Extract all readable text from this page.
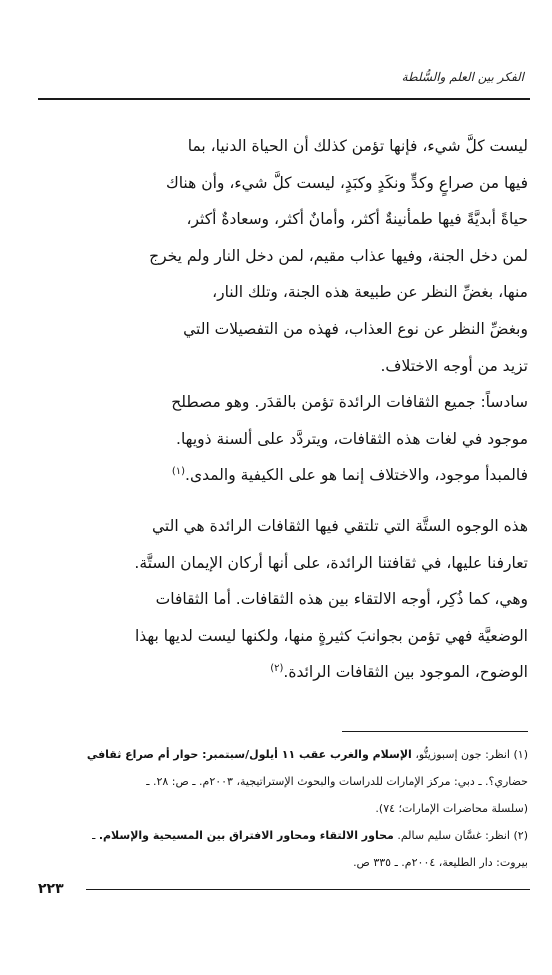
الفكر بين العلم والسُّلطة

ليست كلَّ شيء، فإنها تؤمن كذلك أن الحياة الدنيا، بما

فيها من صراعٍ وكدٍّ ونكَدٍ وكبَدٍ، ليست كلَّ شيء، وأن هناك

حياةً أبديَّةً فيها طمأنينةٌ أكثر، وأمانٌ أكثر، وسعادةٌ أكثر،

لمن دخل الجنة، وفيها عذاب مقيم، لمن دخل النار ولم يخرج

منها، بغضِّ النظر عن طبيعة هذه الجنة، وتلك النار،

وبغضِّ النظر عن نوع العذاب، فهذه من التفصيلات التي

تزيد من أوجه الاختلاف.

سادساً: جميع الثقافات الرائدة تؤمن بالقدَر. وهو مصطلح

موجود في لغات هذه الثقافات، ويتردَّد على ألسنة ذويها.

فالمبدأ موجود، والاختلاف إنما هو على الكيفية والمدى.$^{(١)}$

هذه الوجوه الستَّة التي تلتقي فيها الثقافات الرائدة هي التي

تعارفنا عليها، في ثقافتنا الرائدة، على أنها أركان الإيمان الستَّة.

وهي، كما ذُكِر، أوجه الالتقاء بين هذه الثقافات. أما الثقافات

الوضعيَّة فهي تؤمن بجوانبَ كثيرةٍ منها، ولكنها ليست لديها بهذا

الوضوح، الموجود بين الثقافات الرائدة.$^{(٢)}$

(١) انظر: جون إسبوزيتُّو، الإسلام والغرب عقب ١١ أيلول/سبتمبر: حوار أم صراع ثقافي

حضاري؟. ـ دبي: مركز الإمارات للدراسات والبحوث الإستراتيجية، ٢٠٠٣م. ـ ص: ٢٨. ـ

(سلسلة محاضرات الإمارات؛ ٧٤).

(٢) انظر: غسَّان سليم سالم. محاور الالتقاء ومحاور الافتراق بين المسيحية والإسلام. ـ

بيروت: دار الطليعة، ٢٠٠٤م. ـ ٣٣٥ ص.

٢٢٣
